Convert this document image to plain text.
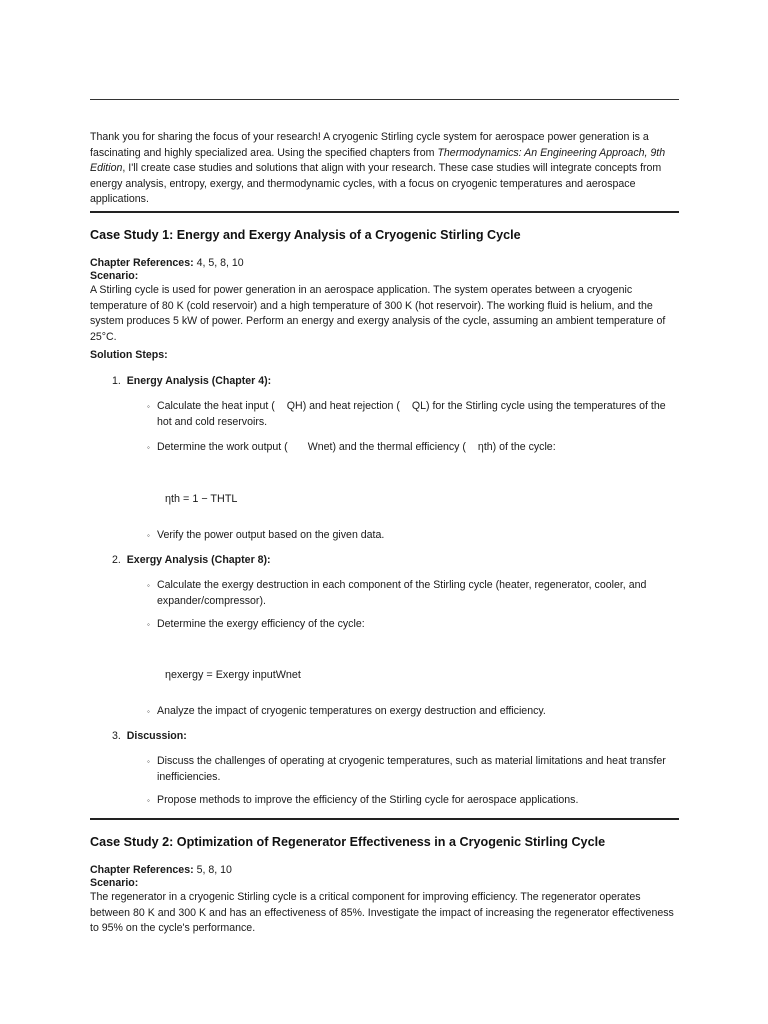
Thank you for sharing the focus of your research! A cryogenic Stirling cycle system for aerospace power generation is a fascinating and highly specialized area. Using the specified chapters from Thermodynamics: An Engineering Approach, 9th Edition, I'll create case studies and solutions that align with your research. These case studies will integrate concepts from energy analysis, entropy, exergy, and thermodynamic cycles, with a focus on cryogenic temperatures and aerospace applications.

Case Study 1: Energy and Exergy Analysis of a Cryogenic Stirling Cycle

Chapter References: 4, 5, 8, 10

Scenario:

A Stirling cycle is used for power generation in an aerospace application. The system operates between a cryogenic temperature of 80 K (cold reservoir) and a high temperature of 300 K (hot reservoir). The working fluid is helium, and the system produces 5 kW of power. Perform an energy and exergy analysis of the cycle, assuming an ambient temperature of 25°C.

Solution Steps:

1. Energy Analysis (Chapter 4):
◦ Calculate the heat input ( QH) and heat rejection ( QL) for the Stirling cycle using the temperatures of the hot and cold reservoirs.
◦ Determine the work output ( Wnet) and the thermal efficiency ( ηth) of the cycle:
ηth = 1 − THTL
◦ Verify the power output based on the given data.
2. Exergy Analysis (Chapter 8):
◦ Calculate the exergy destruction in each component of the Stirling cycle (heater, regenerator, cooler, and expander/compressor).
◦ Determine the exergy efficiency of the cycle:
ηexergy = Exergy inputWnet
◦ Analyze the impact of cryogenic temperatures on exergy destruction and efficiency.
3. Discussion:
◦ Discuss the challenges of operating at cryogenic temperatures, such as material limitations and heat transfer inefficiencies.
◦ Propose methods to improve the efficiency of the Stirling cycle for aerospace applications.
Case Study 2: Optimization of Regenerator Effectiveness in a Cryogenic Stirling Cycle

Chapter References: 5, 8, 10

Scenario:

The regenerator in a cryogenic Stirling cycle is a critical component for improving efficiency. The regenerator operates between 80 K and 300 K and has an effectiveness of 85%. Investigate the impact of increasing the regenerator effectiveness to 95% on the cycle's performance.
